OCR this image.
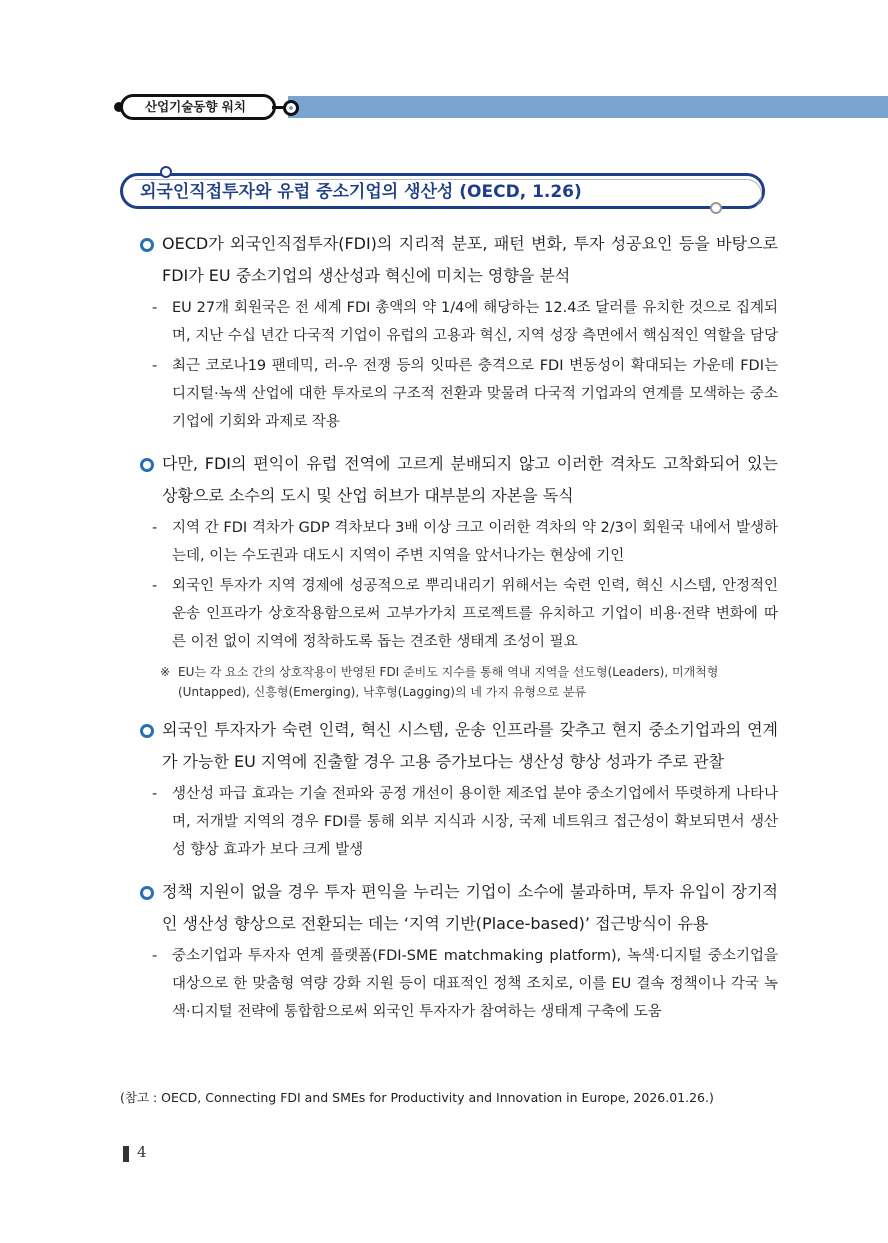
산업기술동향 워치
외국인직접투자와 유럽 중소기업의 생산성 (OECD, 1.26)
OECD가 외국인직접투자(FDI)의 지리적 분포, 패턴 변화, 투자 성공요인 등을 바탕으로 FDI가 EU 중소기업의 생산성과 혁신에 미치는 영향을 분석
- EU 27개 회원국은 전 세계 FDI 총액의 약 1/4에 해당하는 12.4조 달러를 유치한 것으로 집계되며, 지난 수십 년간 다국적 기업이 유럽의 고용과 혁신, 지역 성장 측면에서 핵심적인 역할을 담당
- 최근 코로나19 팬데믹, 러-우 전쟁 등의 잇따른 충격으로 FDI 변동성이 확대되는 가운데 FDI는 디지털·녹색 산업에 대한 투자로의 구조적 전환과 맞물려 다국적 기업과의 연계를 모색하는 중소기업에 기회와 과제로 작용
다만, FDI의 편익이 유럽 전역에 고르게 분배되지 않고 이러한 격차도 고착화되어 있는 상황으로 소수의 도시 및 산업 허브가 대부분의 자본을 독식
- 지역 간 FDI 격차가 GDP 격차보다 3배 이상 크고 이러한 격차의 약 2/3이 회원국 내에서 발생하는데, 이는 수도권과 대도시 지역이 주변 지역을 앞서나가는 현상에 기인
- 외국인 투자가 지역 경제에 성공적으로 뿌리내리기 위해서는 숙련 인력, 혁신 시스템, 안정적인 운송 인프라가 상호작용함으로써 고부가가치 프로젝트를 유치하고 기업이 비용·전략 변화에 따른 이전 없이 지역에 정착하도록 돕는 견조한 생태계 조성이 필요
※ EU는 각 요소 간의 상호작용이 반영된 FDI 준비도 지수를 통해 역내 지역을 선도형(Leaders), 미개척형(Untapped), 신흥형(Emerging), 낙후형(Lagging)의 네 가지 유형으로 분류
외국인 투자자가 숙련 인력, 혁신 시스템, 운송 인프라를 갖추고 현지 중소기업과의 연계가 가능한 EU 지역에 진출할 경우 고용 증가보다는 생산성 향상 성과가 주로 관찰
- 생산성 파급 효과는 기술 전파와 공정 개선이 용이한 제조업 분야 중소기업에서 뚜렷하게 나타나며, 저개발 지역의 경우 FDI를 통해 외부 지식과 시장, 국제 네트워크 접근성이 확보되면서 생산성 향상 효과가 보다 크게 발생
정책 지원이 없을 경우 투자 편익을 누리는 기업이 소수에 불과하며, 투자 유입이 장기적인 생산성 향상으로 전환되는 데는 ‘지역 기반(Place-based)’ 접근방식이 유용
- 중소기업과 투자자 연계 플랫폼(FDI-SME matchmaking platform), 녹색·디지털 중소기업을 대상으로 한 맞춤형 역량 강화 지원 등이 대표적인 정책 조치로, 이를 EU 결속 정책이나 각국 녹색·디지털 전략에 통합함으로써 외국인 투자자가 참여하는 생태계 구축에 도움
(참고 : OECD, Connecting FDI and SMEs for Productivity and Innovation in Europe, 2026.01.26.)
4
